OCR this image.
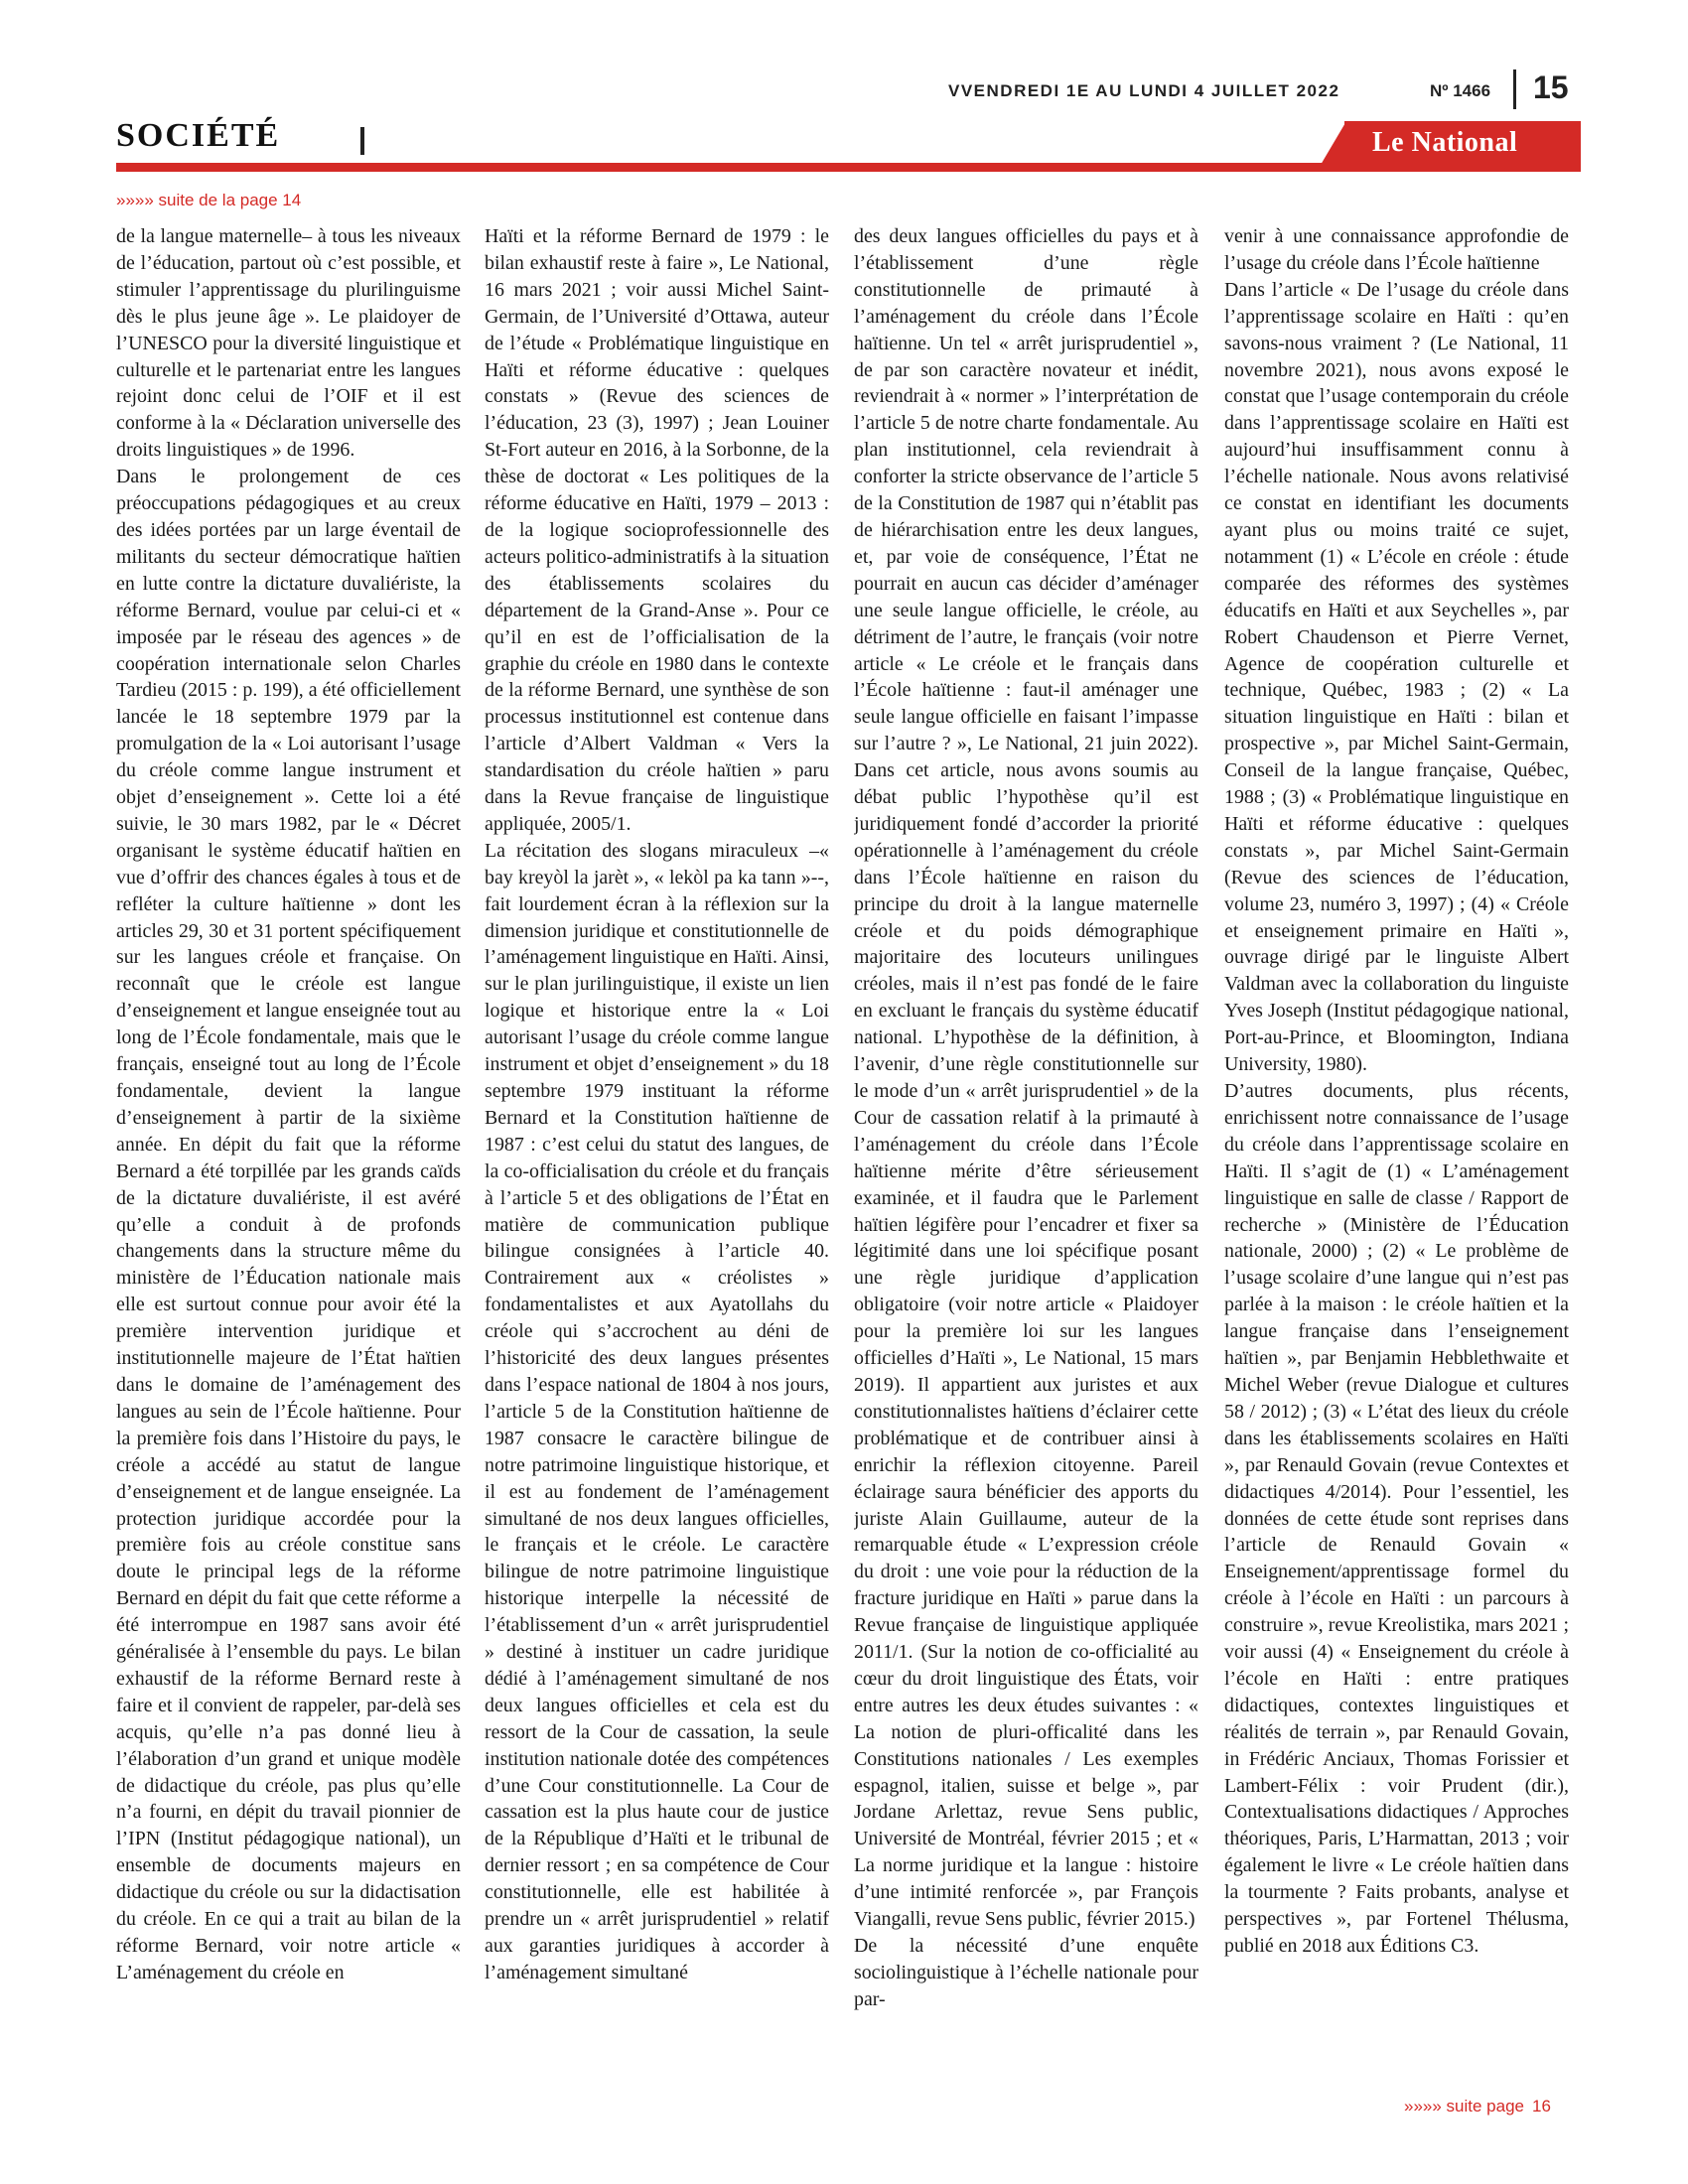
VVENDREDI 1E AU LUNDI 4 JUILLET 2022	Nº 1466 15
SOCIÉTÉ	Le National
»»»» suite de la page 14

de la langue maternelle– à tous les niveaux de l’éducation, partout où c’est possible, et stimuler l’apprentissage du plurilinguisme dès le plus jeune âge ». Le plaidoyer de l’UNESCO pour la diversité linguistique et culturelle et le partenariat entre les langues rejoint donc celui de l’OIF et il est conforme à la « Déclaration universelle des droits linguistiques » de 1996.

Dans le prolongement de ces préoccupations pédagogiques et au creux des idées portées par un large éventail de militants du secteur démocratique haïtien en lutte contre la dictature duvaliériste, la réforme Bernard, voulue par celui-ci et « imposée par le réseau des agences » de coopération internationale selon Charles Tardieu (2015 : p. 199), a été officiellement lancée le 18 septembre 1979 par la promulgation de la « Loi autorisant l’usage du créole comme langue instrument et objet d’enseignement ». Cette loi a été suivie, le 30 mars 1982, par le « Décret organisant le système éducatif haïtien en vue d’offrir des chances égales à tous et de refléter la culture haïtienne » dont les articles 29, 30 et 31 portent spécifiquement sur les langues créole et française. On reconnaît que le créole est langue d’enseignement et langue enseignée tout au long de l’École fondamentale, mais que le français, enseigné tout au long de l’École fondamentale, devient la langue d’enseignement à partir de la sixième année. En dépit du fait que la réforme Bernard a été torpillée par les grands caïds de la dictature duvaliériste, il est avéré qu’elle a conduit à de profonds changements dans la structure même du ministère de l’Éducation nationale mais elle est surtout connue pour avoir été la première intervention juridique et institutionnelle majeure de l’État haïtien dans le domaine de l’aménagement des langues au sein de l’École haïtienne. Pour la première fois dans l’Histoire du pays, le créole a accédé au statut de langue d’enseignement et de langue enseignée. La protection juridique accordée pour la première fois au créole constitue sans doute le principal legs de la réforme Bernard en dépit du fait que cette réforme a été interrompue en 1987 sans avoir été généralisée à l’ensemble du pays. Le bilan exhaustif de la réforme Bernard reste à faire et il convient de rappeler, par-delà ses acquis, qu’elle n’a pas donné lieu à l’élaboration d’un grand et unique modèle de didactique du créole, pas plus qu’elle n’a fourni, en dépit du travail pionnier de l’IPN (Institut pédagogique national), un ensemble de documents majeurs en didactique du créole ou sur la didactisation du créole. En ce qui a trait au bilan de la réforme Bernard, voir notre article « L’aménagement du créole en

Haïti et la réforme Bernard de 1979 : le bilan exhaustif reste à faire », Le National, 16 mars 2021 ; voir aussi Michel Saint-Germain, de l’Université d’Ottawa, auteur de l’étude « Problématique linguistique en Haïti et réforme éducative : quelques constats » (Revue des sciences de l’éducation, 23 (3), 1997) ; Jean Louiner St-Fort auteur en 2016, à la Sorbonne, de la thèse de doctorat « Les politiques de la réforme éducative en Haïti, 1979 – 2013 : de la logique socioprofessionnelle des acteurs politico-administratifs à la situation des établissements scolaires du département de la Grand-Anse ». Pour ce qu’il en est de l’officialisation de la graphie du créole en 1980 dans le contexte de la réforme Bernard, une synthèse de son processus institutionnel est contenue dans l’article d’Albert Valdman « Vers la standardisation du créole haïtien » paru dans la Revue française de linguistique appliquée, 2005/1.

La récitation des slogans miraculeux –« bay kreyòl la jarèt », « lekòl pa ka tann »--, fait lourdement écran à la réflexion sur la dimension juridique et constitutionnelle de l’aménagement linguistique en Haïti. Ainsi, sur le plan jurilinguistique, il existe un lien logique et historique entre la « Loi autorisant l’usage du créole comme langue instrument et objet d’enseignement » du 18 septembre 1979 instituant la réforme Bernard et la Constitution haïtienne de 1987 : c’est celui du statut des langues, de la co-officialisation du créole et du français à l’article 5 et des obligations de l’État en matière de communication publique bilingue consignées à l’article 40. Contrairement aux « créolistes » fondamentalistes et aux Ayatollahs du créole qui s’accrochent au déni de l’historicité des deux langues présentes dans l’espace national de 1804 à nos jours, l’article 5 de la Constitution haïtienne de 1987 consacre le caractère bilingue de notre patrimoine linguistique historique, et il est au fondement de l’aménagement simultané de nos deux langues officielles, le français et le créole. Le caractère bilingue de notre patrimoine linguistique historique interpelle la nécessité de l’établissement d’un « arrêt jurisprudentiel » destiné à instituer un cadre juridique dédié à l’aménagement simultané de nos deux langues officielles et cela est du ressort de la Cour de cassation, la seule institution nationale dotée des compétences d’une Cour constitutionnelle. La Cour de cassation est la plus haute cour de justice de la République d’Haïti et le tribunal de dernier ressort ; en sa compétence de Cour constitutionnelle, elle est habilitée à prendre un « arrêt jurisprudentiel » relatif aux garanties juridiques à accorder à l’aménagement simultané

des deux langues officielles du pays et à l’établissement d’une règle constitutionnelle de primauté à l’aménagement du créole dans l’École haïtienne. Un tel « arrêt jurisprudentiel », de par son caractère novateur et inédit, reviendrait à « normer » l’interprétation de l’article 5 de notre charte fondamentale. Au plan institutionnel, cela reviendrait à conforter la stricte observance de l’article 5 de la Constitution de 1987 qui n’établit pas de hiérarchisation entre les deux langues, et, par voie de conséquence, l’État ne pourrait en aucun cas décider d’aménager une seule langue officielle, le créole, au détriment de l’autre, le français (voir notre article « Le créole et le français dans l’École haïtienne : faut-il aménager une seule langue officielle en faisant l’impasse sur l’autre ? », Le National, 21 juin 2022). Dans cet article, nous avons soumis au débat public l’hypothèse qu’il est juridiquement fondé d’accorder la priorité opérationnelle à l’aménagement du créole dans l’École haïtienne en raison du principe du droit à la langue maternelle créole et du poids démographique majoritaire des locuteurs unilingues créoles, mais il n’est pas fondé de le faire en excluant le français du système éducatif national. L’hypothèse de la définition, à l’avenir, d’une règle constitutionnelle sur le mode d’un « arrêt jurisprudentiel » de la Cour de cassation relatif à la primauté à l’aménagement du créole dans l’École haïtienne mérite d’être sérieusement examinée, et il faudra que le Parlement haïtien légifère pour l’encadrer et fixer sa légitimité dans une loi spécifique posant une règle juridique d’application obligatoire (voir notre article « Plaidoyer pour la première loi sur les langues officielles d’Haïti », Le National, 15 mars 2019). Il appartient aux juristes et aux constitutionnalistes haïtiens d’éclairer cette problématique et de contribuer ainsi à enrichir la réflexion citoyenne. Pareil éclairage saura bénéficier des apports du juriste Alain Guillaume, auteur de la remarquable étude « L’expression créole du droit : une voie pour la réduction de la fracture juridique en Haïti » parue dans la Revue française de linguistique appliquée 2011/1. (Sur la notion de co-officialité au cœur du droit linguistique des États, voir entre autres les deux études suivantes : « La notion de pluri-officalité dans les Constitutions nationales / Les exemples espagnol, italien, suisse et belge », par Jordane Arlettaz, revue Sens public, Université de Montréal, février 2015 ; et « La norme juridique et la langue : histoire d’une intimité renforcée », par François Viangalli, revue Sens public, février 2015.)

De la nécessité d’une enquête sociolinguistique à l’échelle nationale pour par-

venir à une connaissance approfondie de l’usage du créole dans l’École haïtienne

Dans l’article « De l’usage du créole dans l’apprentissage scolaire en Haïti : qu’en savons-nous vraiment ? (Le National, 11 novembre 2021), nous avons exposé le constat que l’usage contemporain du créole dans l’apprentissage scolaire en Haïti est aujourd’hui insuffisamment connu à l’échelle nationale. Nous avons relativisé ce constat en identifiant les documents ayant plus ou moins traité ce sujet, notamment (1) « L’école en créole : étude comparée des réformes des systèmes éducatifs en Haïti et aux Seychelles », par Robert Chaudenson et Pierre Vernet, Agence de coopération culturelle et technique, Québec, 1983 ; (2) « La situation linguistique en Haïti : bilan et prospective », par Michel Saint-Germain, Conseil de la langue française, Québec, 1988 ; (3) « Problématique linguistique en Haïti et réforme éducative : quelques constats », par Michel Saint-Germain (Revue des sciences de l’éducation, volume 23, numéro 3, 1997) ; (4) « Créole et enseignement primaire en Haïti », ouvrage dirigé par le linguiste Albert Valdman avec la collaboration du linguiste Yves Joseph (Institut pédagogique national, Port-au-Prince, et Bloomington, Indiana University, 1980).

D’autres documents, plus récents, enrichissent notre connaissance de l’usage du créole dans l’apprentissage scolaire en Haïti. Il s’agit de (1) « L’aménagement linguistique en salle de classe / Rapport de recherche » (Ministère de l’Éducation nationale, 2000) ; (2) « Le problème de l’usage scolaire d’une langue qui n’est pas parlée à la maison : le créole haïtien et la langue française dans l’enseignement haïtien », par Benjamin Hebblethwaite et Michel Weber (revue Dialogue et cultures 58 / 2012) ; (3) « L’état des lieux du créole dans les établissements scolaires en Haïti », par Renauld Govain (revue Contextes et didactiques 4/2014). Pour l’essentiel, les données de cette étude sont reprises dans l’article de Renauld Govain « Enseignement/apprentissage formel du créole à l’école en Haïti : un parcours à construire », revue Kreolistika, mars 2021 ; voir aussi (4) « Enseignement du créole à l’école en Haïti : entre pratiques didactiques, contextes linguistiques et réalités de terrain », par Renauld Govain, in Frédéric Anciaux, Thomas Forissier et Lambert-Félix : voir Prudent (dir.), Contextualisations didactiques / Approches théoriques, Paris, L’Harmattan, 2013 ; voir également le livre « Le créole haïtien dans la tourmente ? Faits probants, analyse et perspectives », par Fortenel Thélusma, publié en 2018 aux Éditions C3.

»»»» suite page 16
